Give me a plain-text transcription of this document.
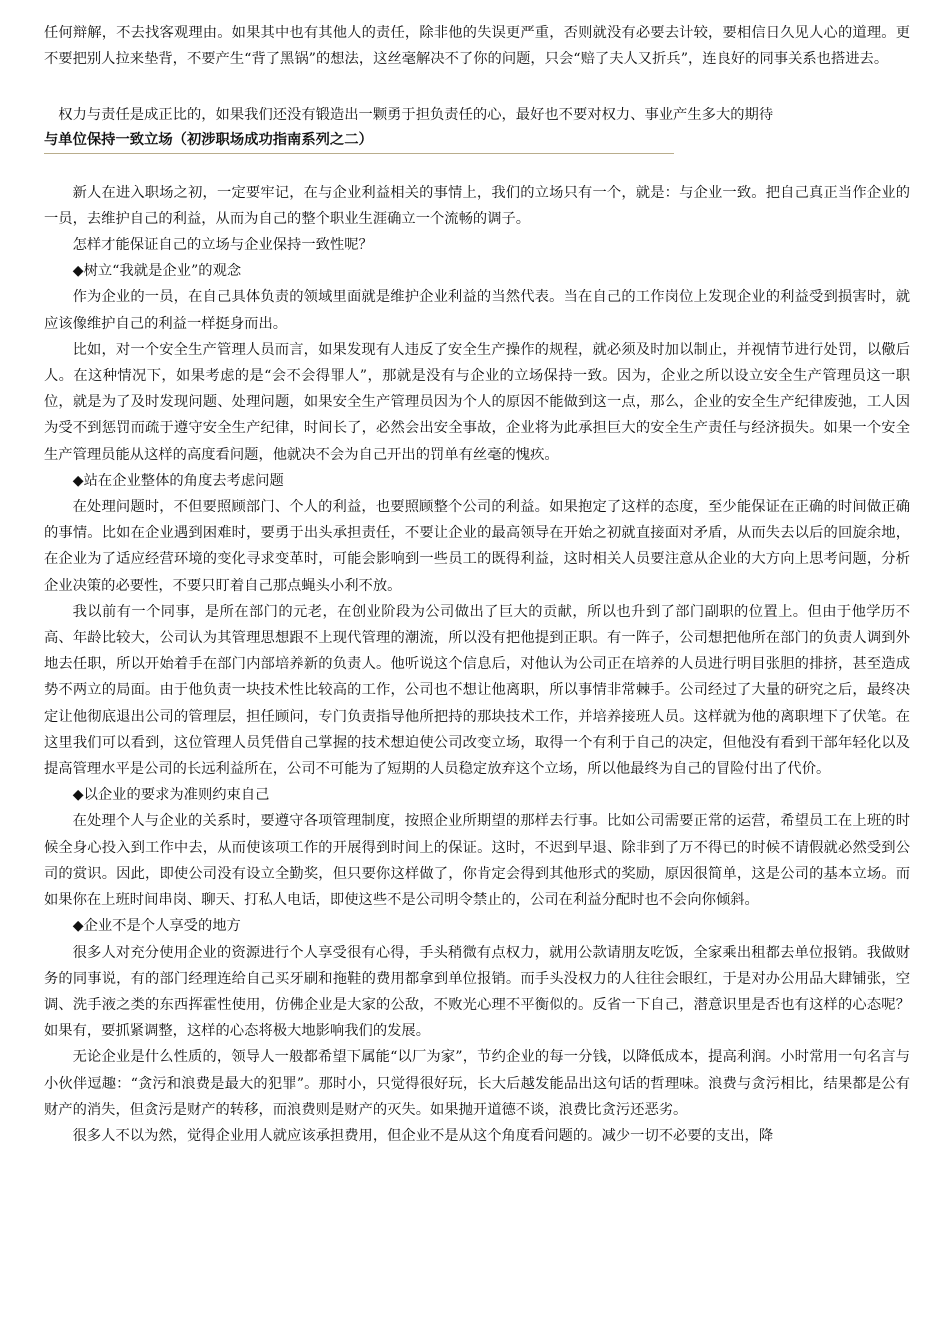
任何辩解，不去找客观理由。如果其中也有其他人的责任，除非他的失误更严重，否则就没有必要去计较，要相信日久见人心的道理。更不要把别人拉来垫背，不要产生“背了黑锅”的想法，这丝毫解决不了你的问题，只会“赔了夫人又折兵”，连良好的同事关系也搭进去。

权力与责任是成正比的，如果我们还没有锻造出一颗勇于担负责任的心，最好也不要对权力、事业产生多大的期待

与单位保持一致立场（初涉职场成功指南系列之二）

新人在进入职场之初，一定要牢记，在与企业利益相关的事情上，我们的立场只有一个，就是：与企业一致。把自己真正当作企业的一员，去维护自己的利益，从而为自己的整个职业生涯确立一个流畅的调子。

怎样才能保证自己的立场与企业保持一致性呢？

◆树立“我就是企业”的观念

作为企业的一员，在自己具体负责的领域里面就是维护企业利益的当然代表。当在自己的工作岗位上发现企业的利益受到损害时，就应该像维护自己的利益一样挺身而出。

比如，对一个安全生产管理人员而言，如果发现有人违反了安全生产操作的规程，就必须及时加以制止，并视情节进行处罚，以儆后人。在这种情况下，如果考虑的是“会不会得罪人”，那就是没有与企业的立场保持一致。因为，企业之所以设立安全生产管理员这一职位，就是为了及时发现问题、处理问题，如果安全生产管理员因为个人的原因不能做到这一点，那么，企业的安全生产纪律废弛，工人因为受不到惩罚而疏于遵守安全生产纪律，时间长了，必然会出安全事故，企业将为此承担巨大的安全生产责任与经济损失。如果一个安全生产管理员能从这样的高度看问题，他就决不会为自己开出的罚单有丝毫的愧疚。

◆站在企业整体的角度去考虑问题

在处理问题时，不但要照顾部门、个人的利益，也要照顾整个公司的利益。如果抱定了这样的态度，至少能保证在正确的时间做正确的事情。比如在企业遇到困难时，要勇于出头承担责任，不要让企业的最高领导在开始之初就直接面对矛盾，从而失去以后的回旋余地，在企业为了适应经营环境的变化寻求变革时，可能会影响到一些员工的既得利益，这时相关人员要注意从企业的大方向上思考问题，分析企业决策的必要性，不要只盯着自己那点蝇头小利不放。

我以前有一个同事，是所在部门的元老，在创业阶段为公司做出了巨大的贡献，所以也升到了部门副职的位置上。但由于他学历不高、年龄比较大，公司认为其管理思想跟不上现代管理的潮流，所以没有把他提到正职。有一阵子，公司想把他所在部门的负责人调到外地去任职，所以开始着手在部门内部培养新的负责人。他听说这个信息后，对他认为公司正在培养的人员进行明目张胆的排挤，甚至造成势不两立的局面。由于他负责一块技术性比较高的工作，公司也不想让他离职，所以事情非常棘手。公司经过了大量的研究之后，最终决定让他彻底退出公司的管理层，担任顾问，专门负责指导他所把持的那块技术工作，并培养接班人员。这样就为他的离职埋下了伏笔。在这里我们可以看到，这位管理人员凭借自己掌握的技术想迫使公司改变立场，取得一个有利于自己的决定，但他没有看到干部年轻化以及提高管理水平是公司的长远利益所在，公司不可能为了短期的人员稳定放弃这个立场，所以他最终为自己的冒险付出了代价。

◆以企业的要求为准则约束自己

在处理个人与企业的关系时，要遵守各项管理制度，按照企业所期望的那样去行事。比如公司需要正常的运营，希望员工在上班的时候全身心投入到工作中去，从而使该项工作的开展得到时间上的保证。这时，不迟到早退、除非到了万不得已的时候不请假就必然受到公司的赏识。因此，即使公司没有设立全勤奖，但只要你这样做了，你肯定会得到其他形式的奖励，原因很简单，这是公司的基本立场。而如果你在上班时间串岗、聊天、打私人电话，即使这些不是公司明令禁止的，公司在利益分配时也不会向你倾斜。

◆企业不是个人享受的地方

很多人对充分使用企业的资源进行个人享受很有心得，手头稍微有点权力，就用公款请朋友吃饭，全家乘出租都去单位报销。我做财务的同事说，有的部门经理连给自己买牙刷和拖鞋的费用都拿到单位报销。而手头没权力的人往往会眼红，于是对办公用品大肆铺张，空调、洗手液之类的东西挥霍性使用，仿佛企业是大家的公敌，不败光心理不平衡似的。反省一下自己，潜意识里是否也有这样的心态呢？如果有，要抓紧调整，这样的心态将极大地影响我们的发展。

无论企业是什么性质的，领导人一般都希望下属能“以厂为家”，节约企业的每一分钱，以降低成本，提高利润。小时常用一句名言与小伙伴逗趣：“贪污和浪费是最大的犯罪”。那时小，只觉得很好玩，长大后越发能品出这句话的哲理味。浪费与贪污相比，结果都是公有财产的消失，但贪污是财产的转移，而浪费则是财产的灭失。如果抛开道德不谈，浪费比贪污还恶劣。

很多人不以为然，觉得企业用人就应该承担费用，但企业不是从这个角度看问题的。减少一切不必要的支出，降
